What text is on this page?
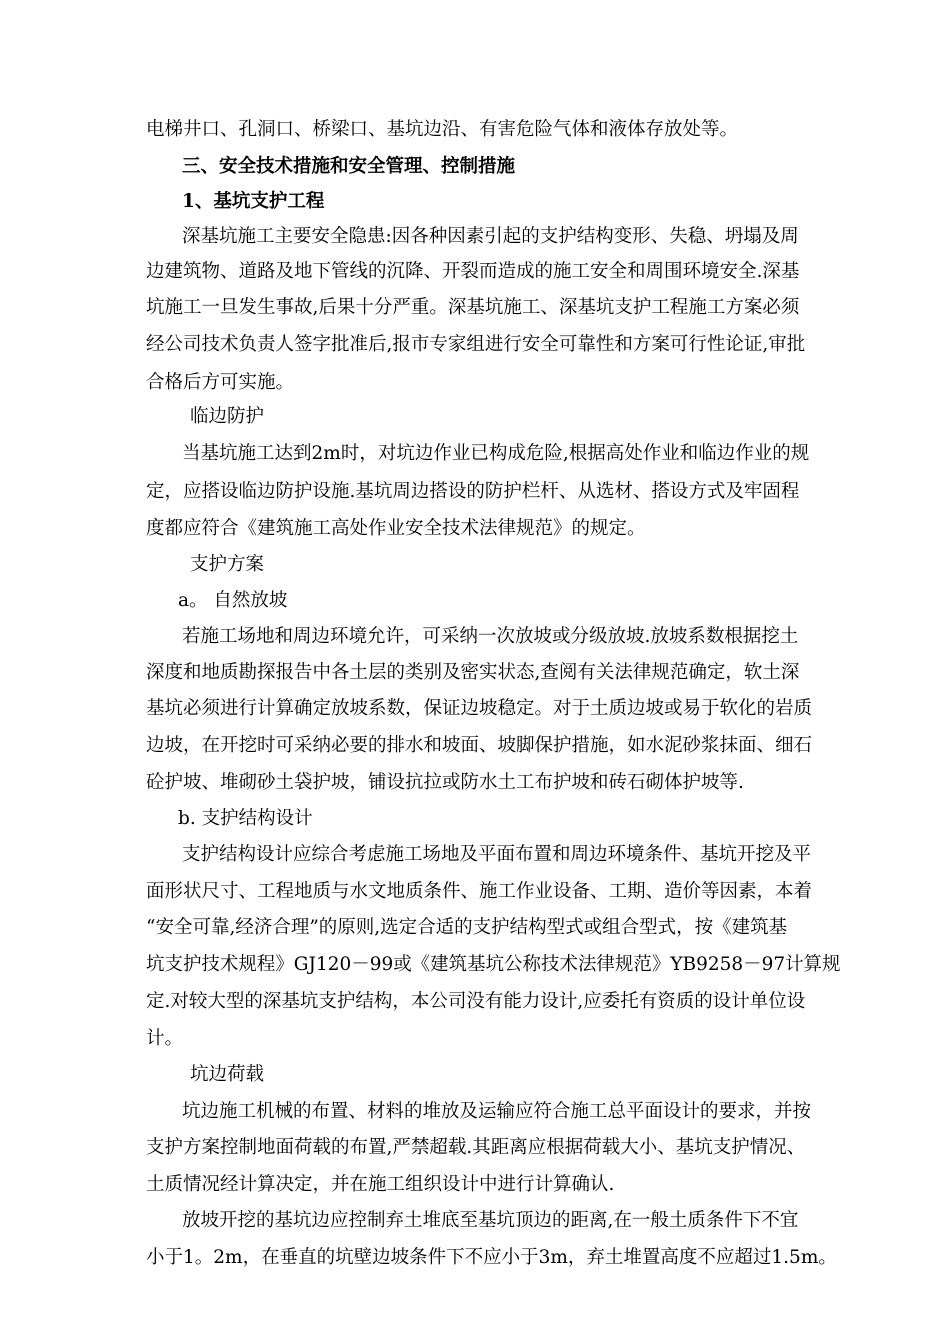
电梯井口、孔洞口、桥梁口、基坑边沿、有害危险气体和液体存放处等。
三、安全技术措施和安全管理、控制措施
1、基坑支护工程
深基坑施工主要安全隐患:因各种因素引起的支护结构变形、失稳、坍塌及周
边建筑物、道路及地下管线的沉降、开裂而造成的施工安全和周围环境安全.深基
坑施工一旦发生事故,后果十分严重。深基坑施工、深基坑支护工程施工方案必须
经公司技术负责人签字批准后,报市专家组进行安全可靠性和方案可行性论证,审批
合格后方可实施。
临边防护
当基坑施工达到2m时，对坑边作业已构成危险,根据高处作业和临边作业的规
定，应搭设临边防护设施.基坑周边搭设的防护栏杆、从选材、搭设方式及牢固程
度都应符合《建筑施工高处作业安全技术法律规范》的规定。
支护方案
a。 自然放坡
若施工场地和周边环境允许，可采纳一次放坡或分级放坡.放坡系数根据挖土
深度和地质勘探报告中各土层的类别及密实状态,查阅有关法律规范确定，软土深
基坑必须进行计算确定放坡系数，保证边坡稳定。对于土质边坡或易于软化的岩质
边坡，在开挖时可采纳必要的排水和坡面、坡脚保护措施，如水泥砂浆抹面、细石
砼护坡、堆砌砂土袋护坡，铺设抗拉或防水土工布护坡和砖石砌体护坡等.
b. 支护结构设计
支护结构设计应综合考虑施工场地及平面布置和周边环境条件、基坑开挖及平
面形状尺寸、工程地质与水文地质条件、施工作业设备、工期、造价等因素，本着
“安全可靠,经济合理”的原则,选定合适的支护结构型式或组合型式，按《建筑基
坑支护技术规程》GJ120－99或《建筑基坑公称技术法律规范》YB9258－97计算规
定.对较大型的深基坑支护结构，本公司没有能力设计,应委托有资质的设计单位设
计。
坑边荷载
坑边施工机械的布置、材料的堆放及运输应符合施工总平面设计的要求，并按
支护方案控制地面荷载的布置,严禁超载.其距离应根据荷载大小、基坑支护情况、
土质情况经计算决定，并在施工组织设计中进行计算确认.
放坡开挖的基坑边应控制弃土堆底至基坑顶边的距离,在一般土质条件下不宜
小于1。2m，在垂直的坑壁边坡条件下不应小于3m，弃土堆置高度不应超过1.5m。
